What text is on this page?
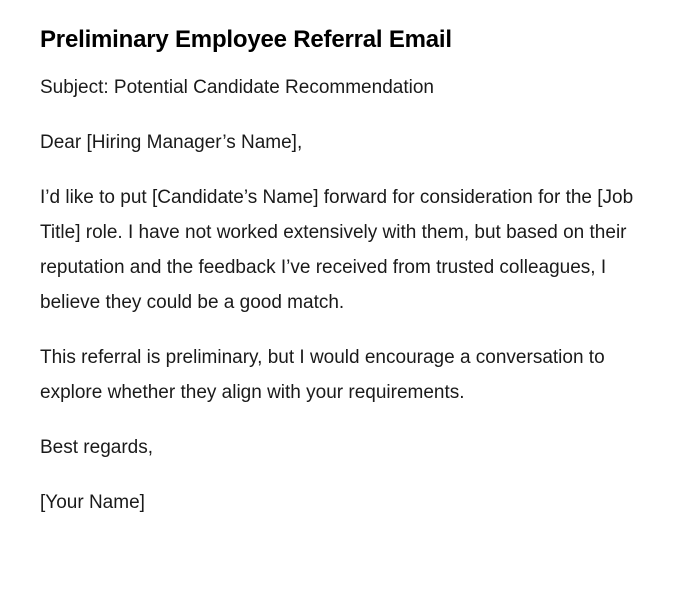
Preliminary Employee Referral Email

Subject: Potential Candidate Recommendation

Dear [Hiring Manager’s Name],

I’d like to put [Candidate’s Name] forward for consideration for the [Job Title] role. I have not worked extensively with them, but based on their reputation and the feedback I’ve received from trusted colleagues, I believe they could be a good match.

This referral is preliminary, but I would encourage a conversation to explore whether they align with your requirements.

Best regards,

[Your Name]
